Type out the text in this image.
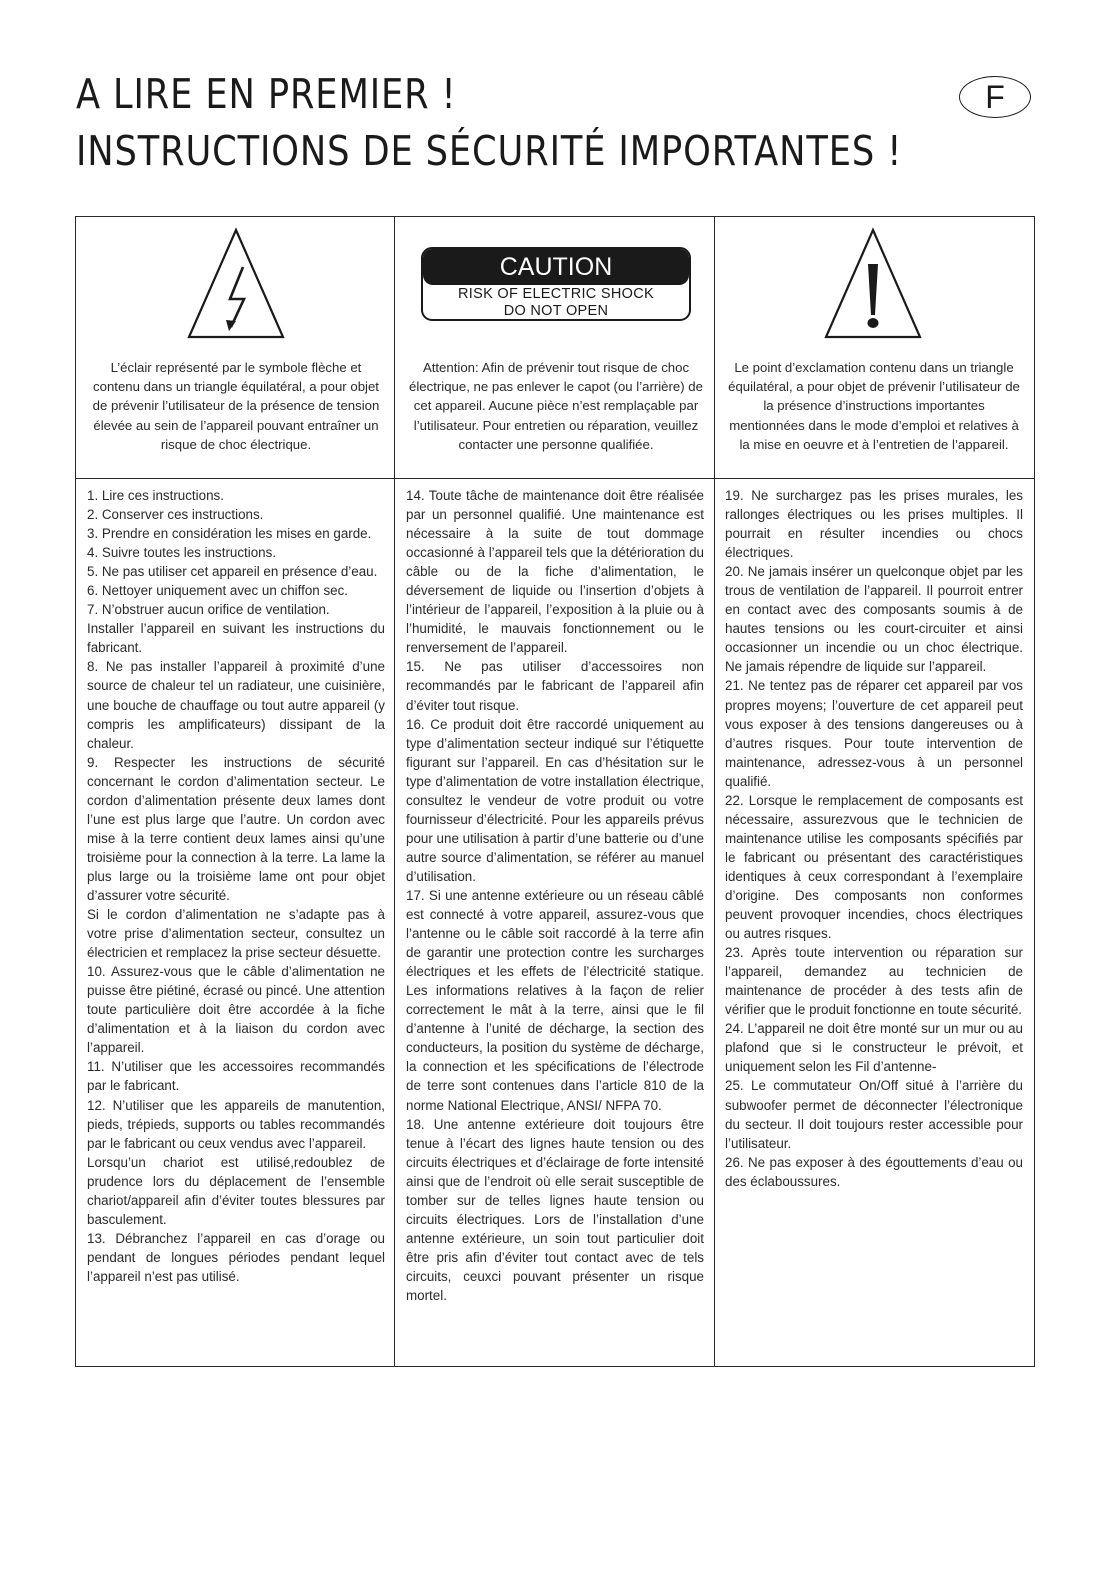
A LIRE EN PREMIER !
INSTRUCTIONS DE SÉCURITÉ IMPORTANTES !
F
L’éclair représenté par le symbole flèche et contenu dans un triangle équilatéral, a pour objet de prévenir l’utilisateur de la présence de tension élevée au sein de l’appareil pouvant entraîner un risque de choc électrique.
CAUTION
RISK OF ELECTRIC SHOCK
DO NOT OPEN
Attention: Afin de prévenir tout risque de choc électrique, ne pas enlever le capot (ou l’arrière) de cet appareil. Aucune pièce n’est remplaçable par l’utilisateur. Pour entretien ou réparation, veuillez contacter une personne qualifiée.
Le point d’exclamation contenu dans un triangle équilatéral, a pour objet de prévenir l’utilisateur de la présence d’instructions importantes mentionnées dans le mode d’emploi et relatives à la mise en oeuvre et à l’entretien de l’appareil.

1. Lire ces instructions.

2. Conserver ces instructions.

3. Prendre en considération les mises en garde.

4. Suivre toutes les instructions.

5. Ne pas utiliser cet appareil en présence d’eau.

6. Nettoyer uniquement avec un chiffon sec.

7. N’obstruer aucun orifice de ventilation.

Installer l’appareil en suivant les instructions du fabricant.

8. Ne pas installer l’appareil à proximité d’une source de chaleur tel un radiateur, une cuisinière, une bouche de chauffage ou tout autre appareil (y compris les amplificateurs) dissipant de la chaleur.

9. Respecter les instructions de sécurité concernant le cordon d’alimentation secteur. Le cordon d’alimentation présente deux lames dont l’une est plus large que l’autre. Un cordon avec mise à la terre contient deux lames ainsi qu’une troisième pour la connection à la terre. La lame la plus large ou la troisième lame ont pour objet d’assurer votre sécurité.

Si le cordon d’alimentation ne s’adapte pas à votre prise d’alimentation secteur, consultez un électricien et remplacez la prise secteur désuette.

10. Assurez-vous que le câble d’alimentation ne puisse être piétiné, écrasé ou pincé. Une attention toute particulière doit être accordée à la fiche d’alimentation et à la liaison du cordon avec l’appareil.

11. N’utiliser que les accessoires recommandés par le fabricant.

12. N’utiliser que les appareils de manutention, pieds, trépieds, supports ou tables recommandés par le fabricant ou ceux vendus avec l’appareil.

Lorsqu’un chariot est utilisé,redoublez de prudence lors du déplacement de l’ensemble chariot/appareil afin d’éviter toutes blessures par basculement.

13. Débranchez l’appareil en cas d’orage ou pendant de longues périodes pendant lequel l’appareil n’est pas utilisé.

14. Toute tâche de maintenance doit être réalisée par un personnel qualifié. Une maintenance est nécessaire à la suite de tout dommage occasionné à l’appareil tels que la détérioration du câble ou de la fiche d’alimentation, le déversement de liquide ou l’insertion d’objets à l’intérieur de l’appareil, l’exposition à la pluie ou à l’humidité, le mauvais fonctionnement ou le renversement de l’appareil.

15. Ne pas utiliser d’accessoires non recommandés par le fabricant de l’appareil afin d’éviter tout risque.

16. Ce produit doit être raccordé uniquement au type d’alimentation secteur indiqué sur l’étiquette figurant sur l’appareil. En cas d’hésitation sur le type d’alimentation de votre installation électrique, consultez le vendeur de votre produit ou votre fournisseur d’électricité. Pour les appareils prévus pour une utilisation à partir d’une batterie ou d’une autre source d’alimentation, se référer au manuel d’utilisation.

17. Si une antenne extérieure ou un réseau câblé est connecté à votre appareil, assurez-vous que l’antenne ou le câble soit raccordé à la terre afin de garantir une protection contre les surcharges électriques et les effets de l’électricité statique. Les informations relatives à la façon de relier correctement le mât à la terre, ainsi que le fil d’antenne à l’unité de décharge, la section des conducteurs, la position du système de décharge, la connection et les spécifications de l’électrode de terre sont contenues dans l’article 810 de la norme National Electrique, ANSI/ NFPA 70.

18. Une antenne extérieure doit toujours être tenue à l’écart des lignes haute tension ou des circuits électriques et d’éclairage de forte intensité ainsi que de l’endroit où elle serait susceptible de tomber sur de telles lignes haute tension ou circuits électriques. Lors de l’installation d’une antenne extérieure, un soin tout particulier doit être pris afin d’éviter tout contact avec de tels circuits, ceuxci pouvant présenter un risque mortel.

19. Ne surchargez pas les prises murales, les rallonges électriques ou les prises multiples. Il pourrait en résulter incendies ou chocs électriques.

20. Ne jamais insérer un quelconque objet par les trous de ventilation de l’appareil. Il pourroit entrer en contact avec des composants soumis à de hautes tensions ou les court-circuiter et ainsi occasionner un incendie ou un choc électrique. Ne jamais répendre de liquide sur l’appareil.

21. Ne tentez pas de réparer cet appareil par vos propres moyens; l’ouverture de cet appareil peut vous exposer à des tensions dangereuses ou à d’autres risques. Pour toute intervention de maintenance, adressez-vous à un personnel qualifié.

22. Lorsque le remplacement de composants est nécessaire, assurezvous que le technicien de maintenance utilise les composants spécifiés par le fabricant ou présentant des caractéristiques identiques à ceux correspondant à l’exemplaire d’origine. Des composants non conformes peuvent provoquer incendies, chocs électriques ou autres risques.

23. Après toute intervention ou réparation sur l’appareil, demandez au technicien de maintenance de procéder à des tests afin de vérifier que le produit fonctionne en toute sécurité.

24. L’appareil ne doit être monté sur un mur ou au plafond que si le constructeur le prévoit, et uniquement selon les Fil d’antenne-

25. Le commutateur On/Off situé à l’arrière du subwoofer permet de déconnecter l’électronique du secteur. Il doit toujours rester accessible pour l’utilisateur.

26. Ne pas exposer à des égouttements d’eau ou des éclaboussures.
